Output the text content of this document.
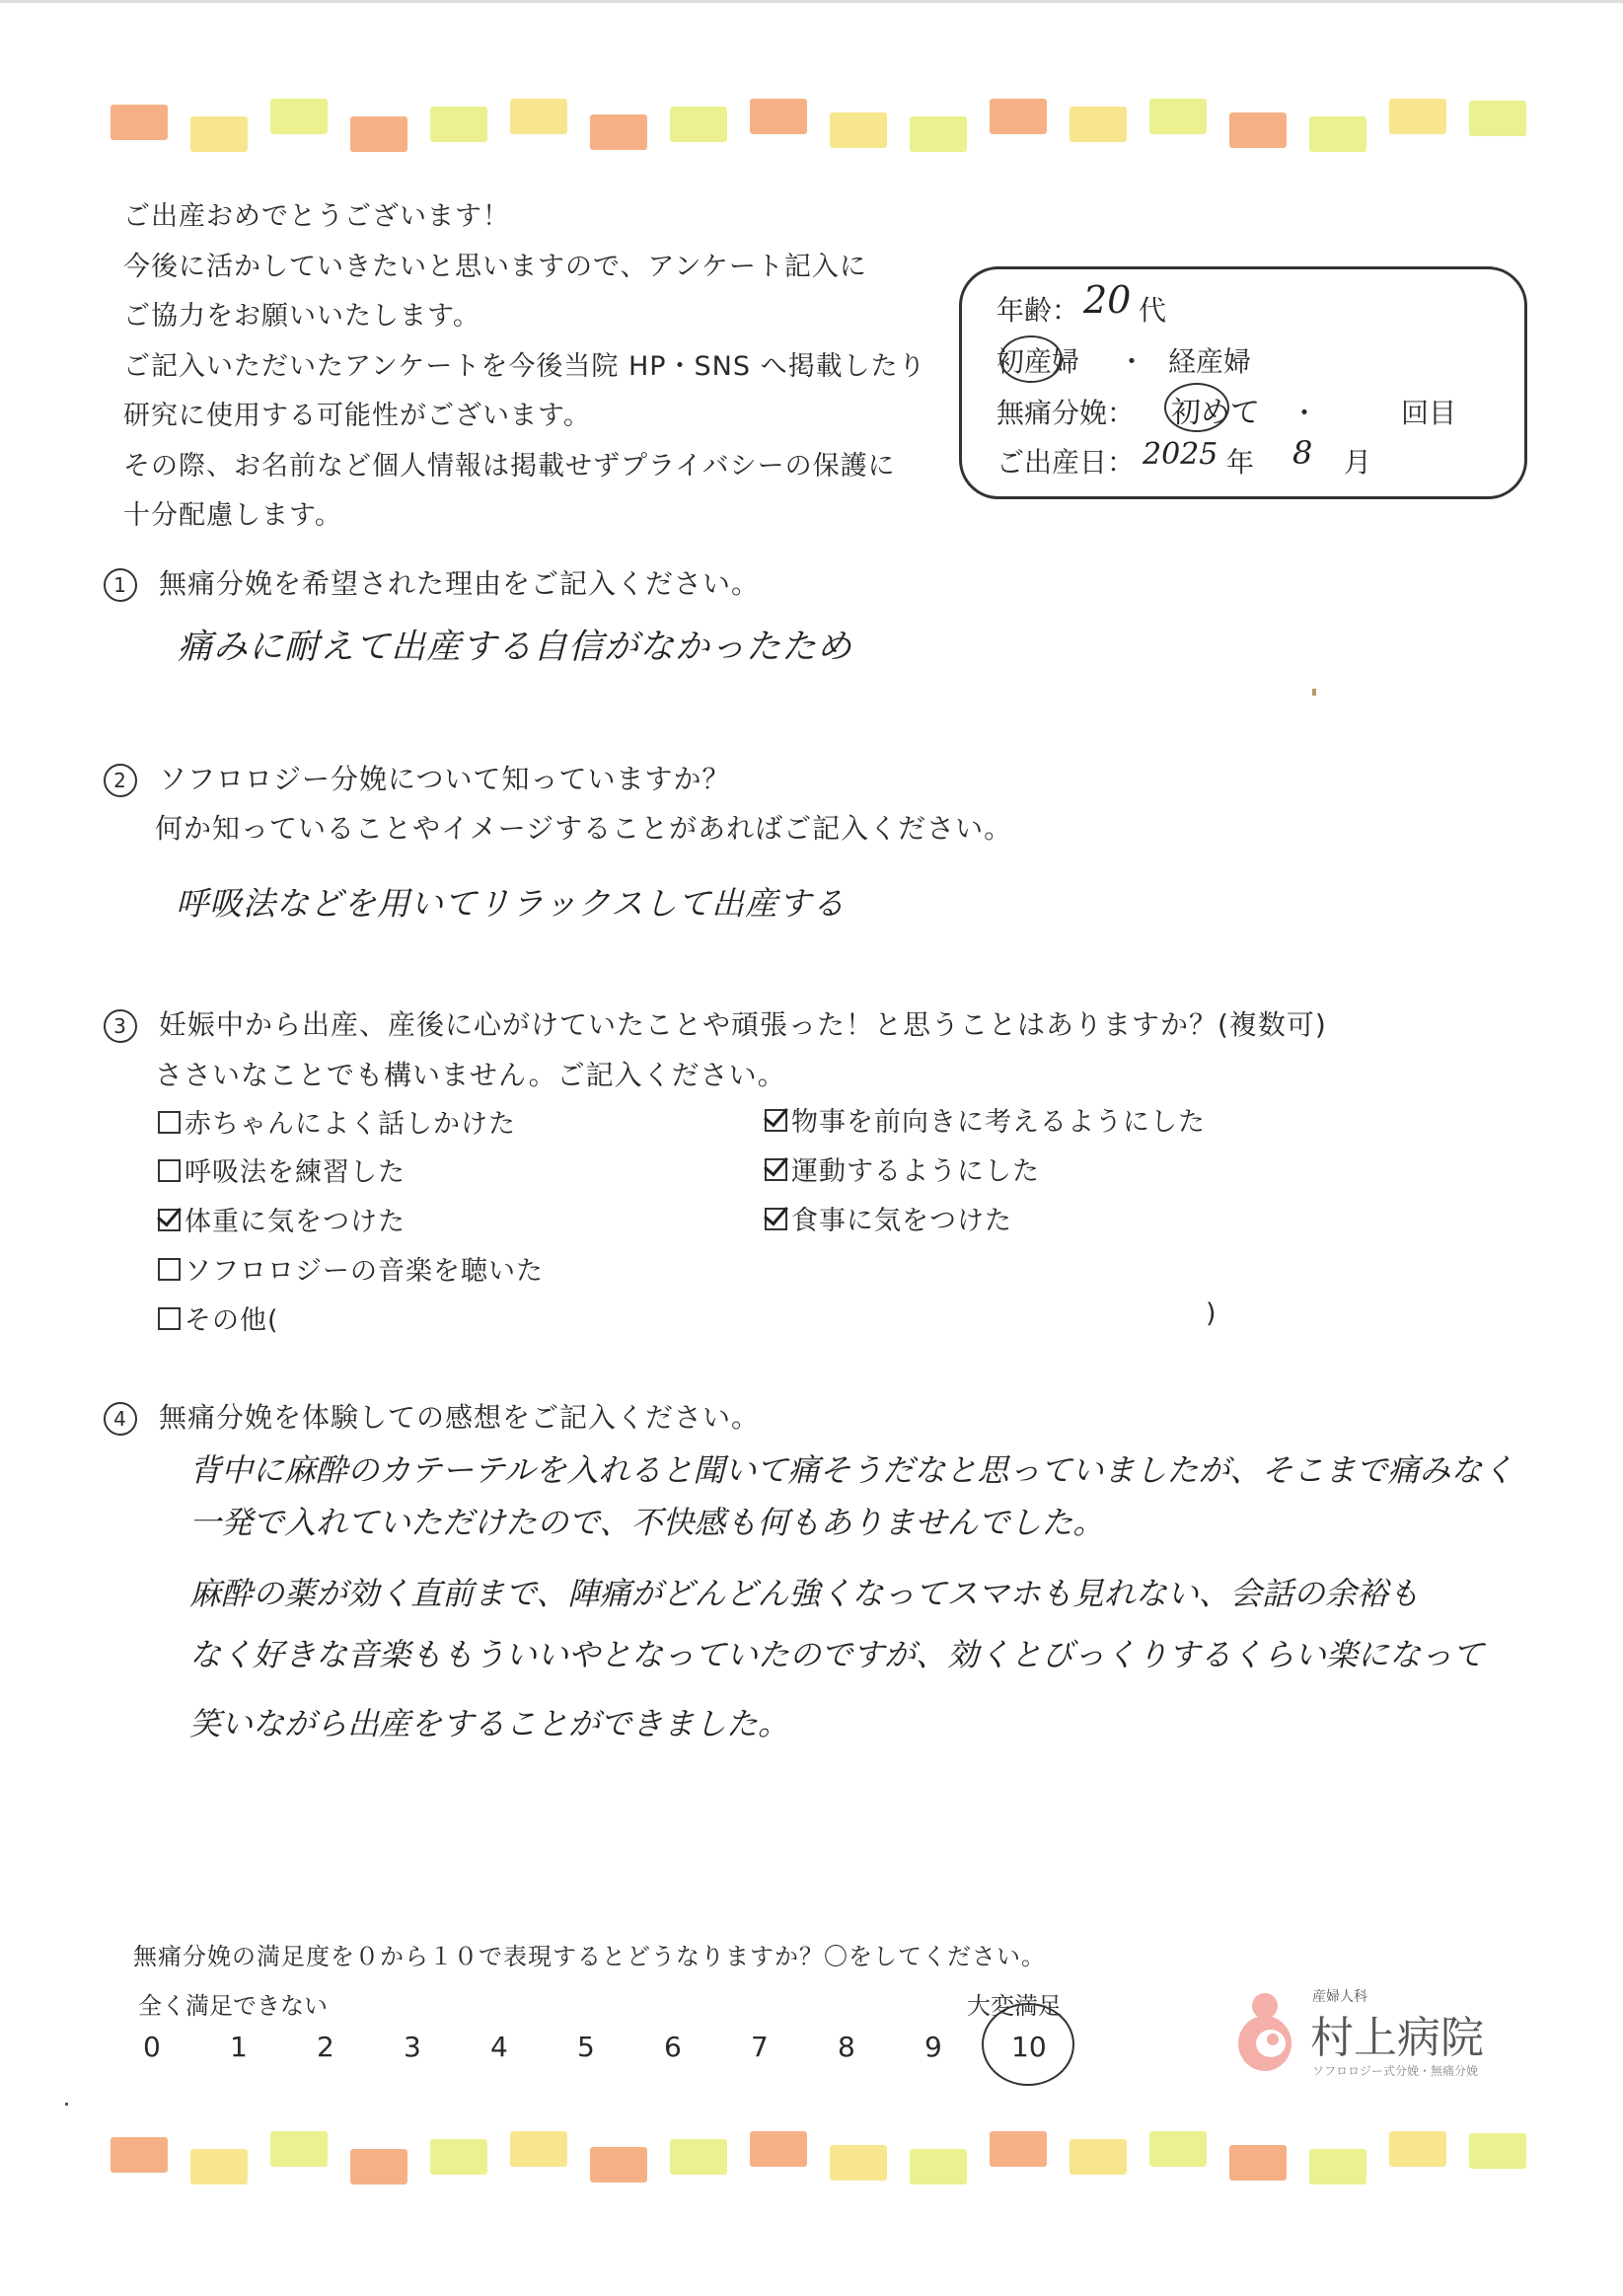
ご出産おめでとうございます！
今後に活かしていきたいと思いますので、アンケート記入に
ご協力をお願いいたします。
ご記入いただいたアンケートを今後当院 HP・SNS へ掲載したり
研究に使用する可能性がございます。
その際、お名前など個人情報は掲載せずプライバシーの保護に
十分配慮します。
年齢： 20 代
初産婦 ・ 経産婦
無痛分娩： 初めて ・	回目
ご出産日： 2025 年 8 月
1 無痛分娩を希望された理由をご記入ください。
痛みに耐えて出産する自信がなかったため
2 ソフロロジー分娩について知っていますか？
何か知っていることやイメージすることがあればご記入ください。
呼吸法などを用いてリラックスして出産する
3 妊娠中から出産、産後に心がけていたことや頑張った！と思うことはありますか？(複数可)
ささいなことでも構いません。ご記入ください。
赤ちゃんによく話しかけた
呼吸法を練習した
体重に気をつけた
ソフロロジーの音楽を聴いた
その他(	)
物事を前向きに考えるようにした
運動するようにした
食事に気をつけた
4 無痛分娩を体験しての感想をご記入ください。
背中に麻酔のカテーテルを入れると聞いて痛そうだなと思っていましたが、そこまで痛みなく
一発で入れていただけたので、不快感も何もありませんでした。
麻酔の薬が効く直前まで、陣痛がどんどん強くなってスマホも見れない、会話の余裕も
なく好きな音楽ももういいやとなっていたのですが、効くとびっくりするくらい楽になって
笑いながら出産をすることができました。
無痛分娩の満足度を０から１０で表現するとどうなりますか？〇をしてください。
全く満足できない	大変満足
0	1	2	3	4	5	6	7	8	9	10
産婦人科
村上病院
ソフロロジー式分娩・無痛分娩
